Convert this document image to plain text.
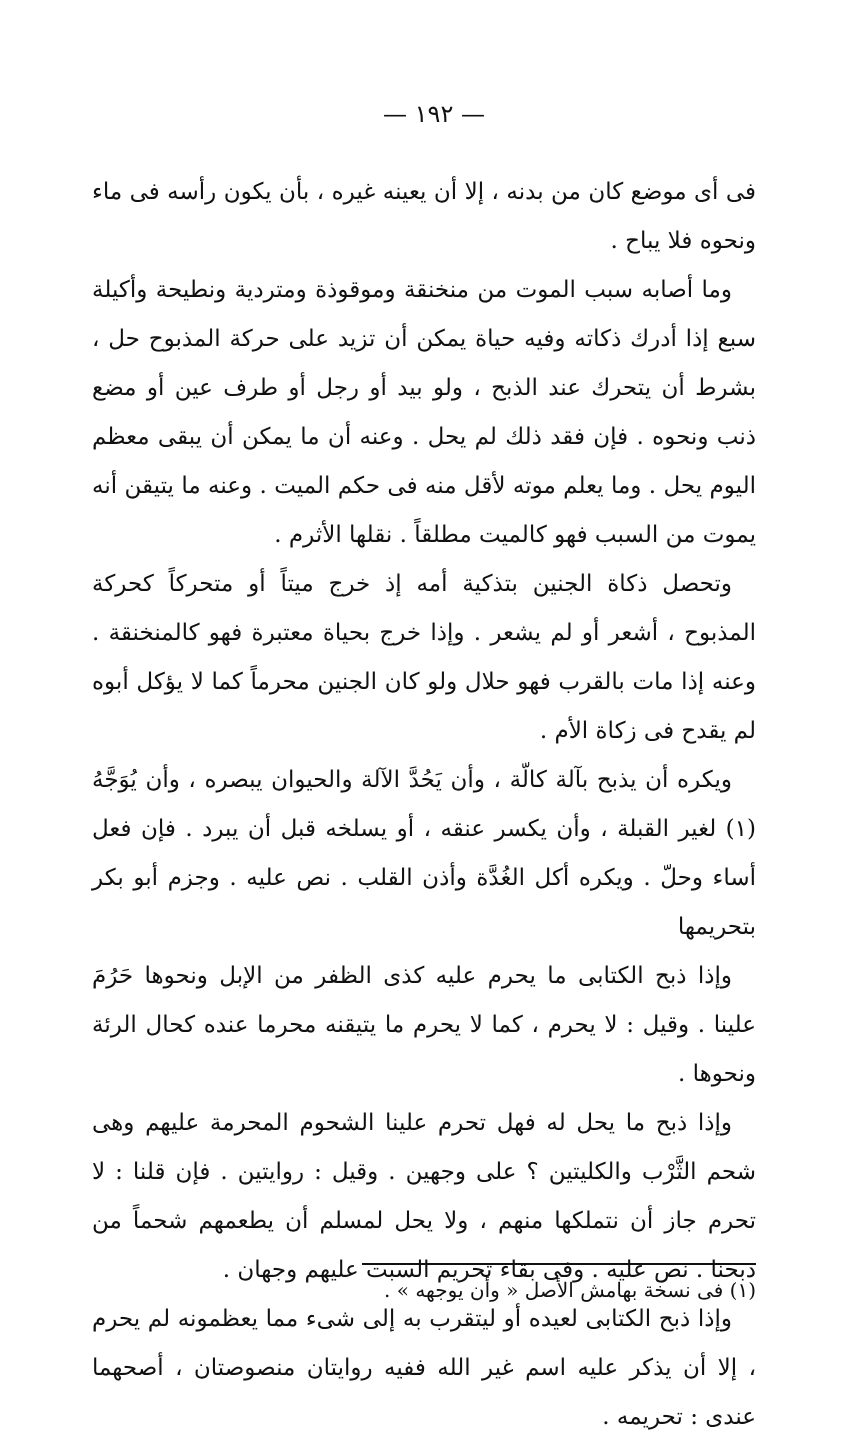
— ١٩٢ —

فى أى موضع كان من بدنه ، إلا أن يعينه غيره ، بأن يكون رأسه فى ماء ونحوه فلا يباح .

وما أصابه سبب الموت من منخنقة وموقوذة ومتردية ونطيحة وأكيلة سبع إذا أدرك ذكاته وفيه حياة يمكن أن تزيد على حركة المذبوح حل ، بشرط أن يتحرك عند الذبح ، ولو بيد أو رجل أو طرف عين أو مضع ذنب ونحوه . فإن فقد ذلك لم يحل . وعنه أن ما يمكن أن يبقى معظم اليوم يحل . وما يعلم موته لأقل منه فى حكم الميت . وعنه ما يتيقن أنه يموت من السبب فهو كالميت مطلقاً . نقلها الأثرم .

وتحصل ذكاة الجنين بتذكية أمه إذ خرج ميتاً أو متحركاً كحركة المذبوح ، أشعر أو لم يشعر . وإذا خرج بحياة معتبرة فهو كالمنخنقة . وعنه إذا مات بالقرب فهو حلال ولو كان الجنين محرماً كما لا يؤكل أبوه لم يقدح فى زكاة الأم .

ويكره أن يذبح بآلة كالّة ، وأن يَحُدَّ الآلة والحيوان يبصره ، وأن يُوَجَّهُ (١) لغير القبلة ، وأن يكسر عنقه ، أو يسلخه قبل أن يبرد . فإن فعل أساء وحلّ . ويكره أكل الغُدَّة وأذن القلب . نص عليه . وجزم أبو بكر بتحريمها

وإذا ذبح الكتابى ما يحرم عليه كذى الظفر من الإبل ونحوها حَرُمَ علينا . وقيل : لا يحرم ، كما لا يحرم ما يتيقنه محرما عنده كحال الرئة ونحوها .

وإذا ذبح ما يحل له فهل تحرم علينا الشحوم المحرمة عليهم وهى شحم الثَّرْب والكليتين ؟ على وجهين . وقيل : روايتين . فإن قلنا : لا تحرم جاز أن نتملكها منهم ، ولا يحل لمسلم أن يطعمهم شحماً من ذبحنا . نص عليه . وفى بقاء تحريم السبت عليهم وجهان .

وإذا ذبح الكتابى لعيده أو ليتقرب به إلى شىء مما يعظمونه لم يحرم ، إلا أن يذكر عليه اسم غير الله ففيه روايتان منصوصتان ، أصحهما عندى : تحريمه .

(١) فى نسخة بهامش الأصل « وأن يوجهه » .
